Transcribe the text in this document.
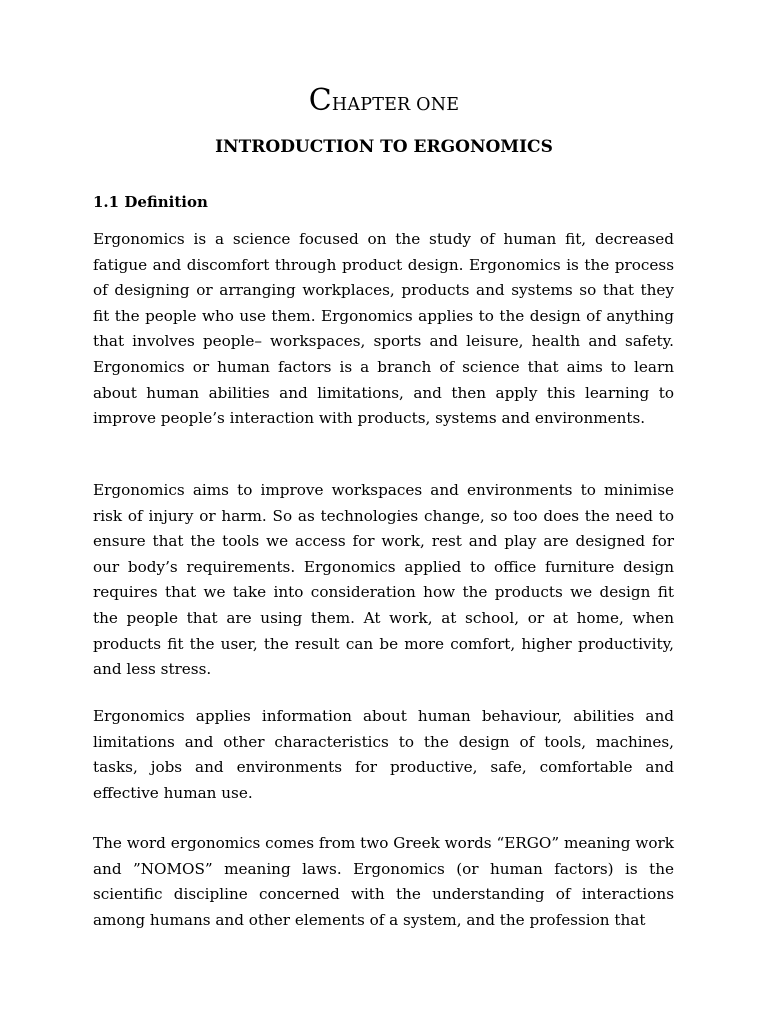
CHAPTER ONE
INTRODUCTION TO ERGONOMICS
1.1 Definition

Ergonomics is a science focused on the study of human fit, decreased fatigue and discomfort through product design. Ergonomics is the process of designing or arranging workplaces, products and systems so that they fit the people who use them. Ergonomics applies to the design of anything that involves people– workspaces, sports and leisure, health and safety. Ergonomics or human factors is a branch of science that aims to learn about human abilities and limitations, and then apply this learning to improve people’s interaction with products, systems and environments.

Ergonomics aims to improve workspaces and environments to minimise risk of injury or harm. So as technologies change, so too does the need to ensure that the tools we access for work, rest and play are designed for our body’s requirements. Ergonomics applied to office furniture design requires that we take into consideration how the products we design fit the people that are using them. At work, at school, or at home, when products fit the user, the result can be more comfort, higher productivity, and less stress.

Ergonomics applies information about human behaviour, abilities and limitations and other characteristics to the design of tools, machines, tasks, jobs and environments for productive, safe, comfortable and effective human use.

The word ergonomics comes from two Greek words “ERGO” meaning work and ”NOMOS” meaning laws. Ergonomics (or human factors) is the scientific discipline concerned with the understanding of interactions among humans and other elements of a system, and the profession that
